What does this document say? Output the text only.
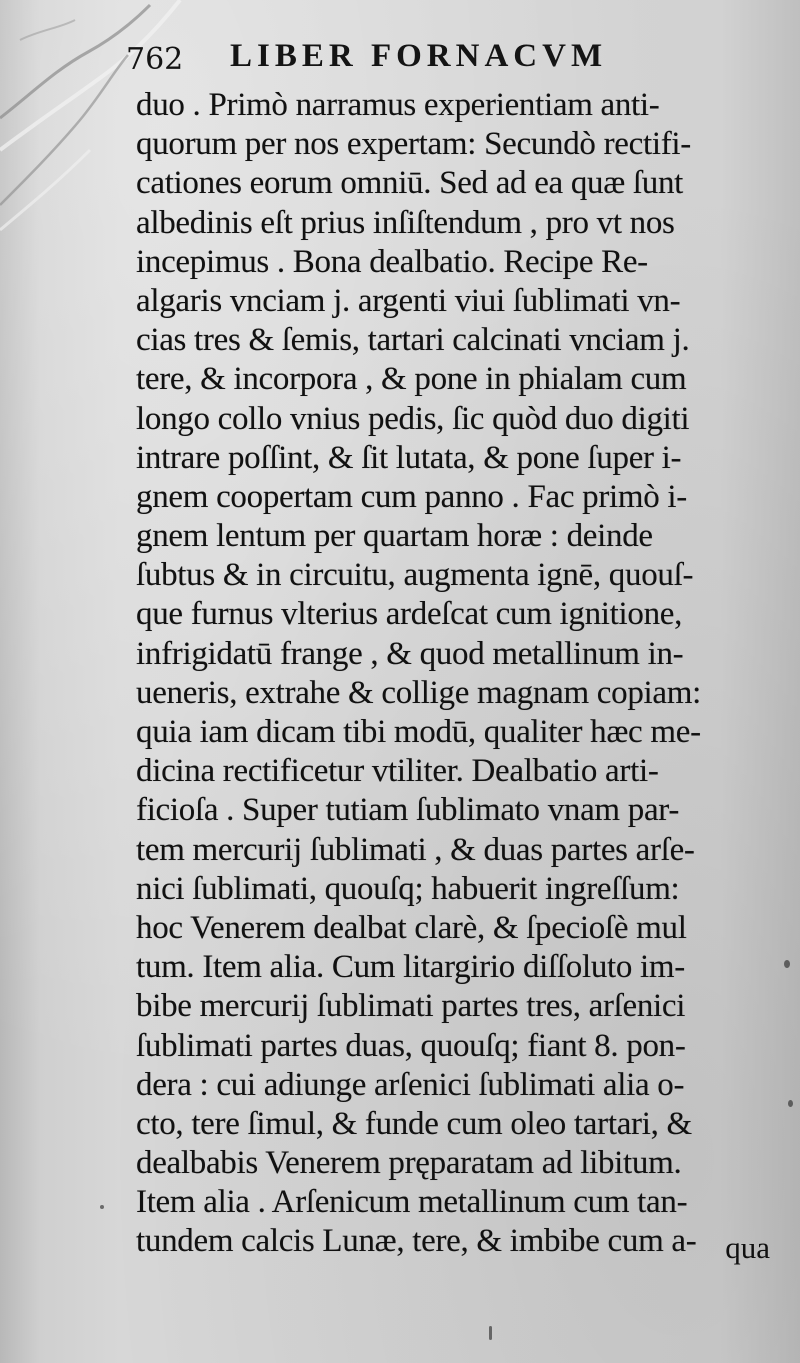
762 LIBER FORNACVM
duo . Primò narramus experientiam anti-
quorum per nos expertam: Secundò rectifi-
cationes eorum omniū. Sed ad ea quæ ſunt
albedinis eſt prius inſiſtendum , pro vt nos
incepimus . Bona dealbatio. Recipe Re-
algaris vnciam j. argenti viui ſublimati vn-
cias tres & ſemis, tartari calcinati vnciam j.
tere, & incorpora , & pone in phialam cum
longo collo vnius pedis, ſic quòd duo digiti
intrare poſſint, & ſit lutata, & pone ſuper i-
gnem coopertam cum panno . Fac primò i-
gnem lentum per quartam horæ : deinde
ſubtus & in circuitu, augmenta ignē, quouſ-
que furnus vlterius ardeſcat cum ignitione,
infrigidatū frange , & quod metallinum in-
ueneris, extrahe & collige magnam copiam:
quia iam dicam tibi modū, qualiter hæc me-
dicina rectificetur vtiliter. Dealbatio arti-
ficioſa . Super tutiam ſublimato vnam par-
tem mercurij ſublimati , & duas partes arſe-
nici ſublimati, quouſq; habuerit ingreſſum:
hoc Venerem dealbat clarè, & ſpecioſè mul
tum. Item alia. Cum litargirio diſſoluto im-
bibe mercurij ſublimati partes tres, arſenici
ſublimati partes duas, quouſq; fiant 8. pon-
dera : cui adiunge arſenici ſublimati alia o-
cto, tere ſimul, & funde cum oleo tartari, &
dealbabis Venerem pręparatam ad libitum.
Item alia . Arſenicum metallinum cum tan-
tundem calcis Lunæ, tere, & imbibe cum a- qua
